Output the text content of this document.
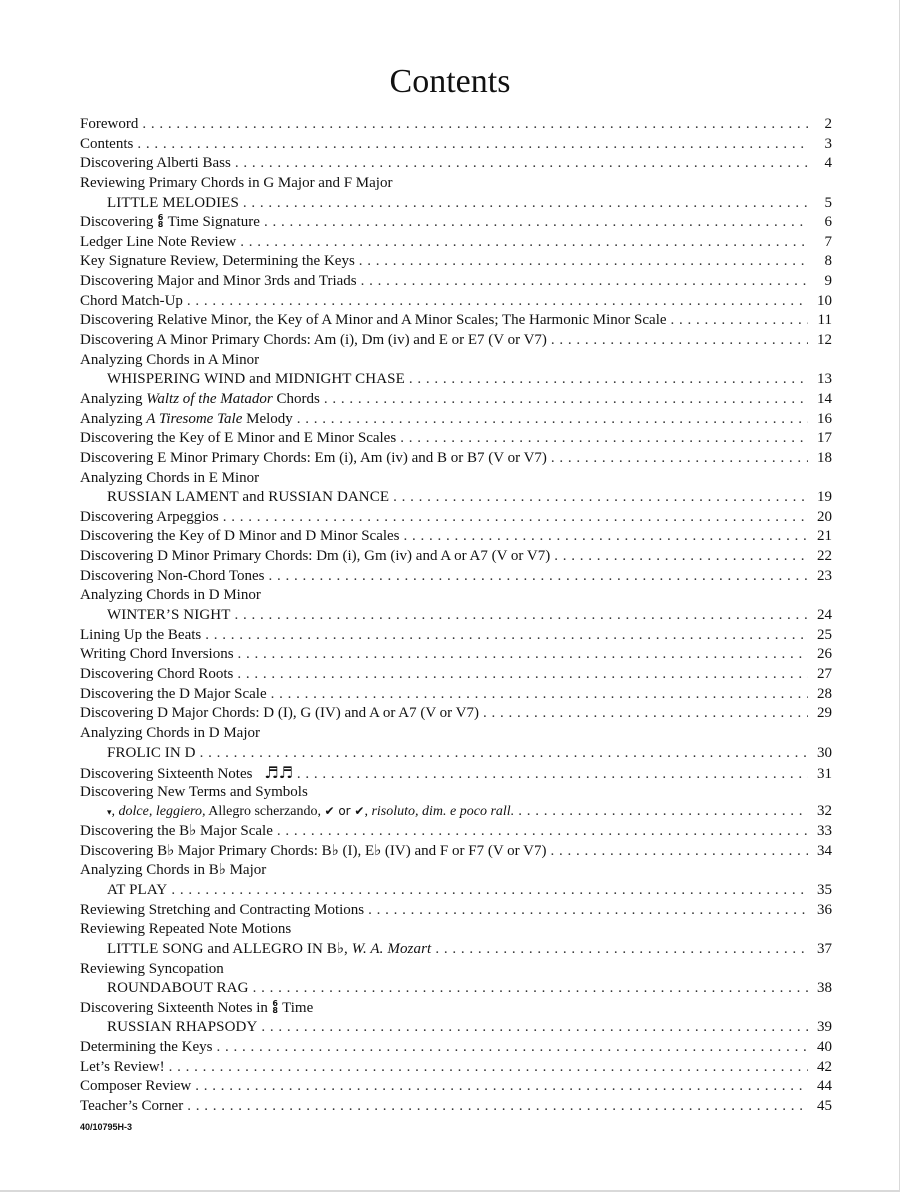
Contents
Foreword . . .	2
Contents . . .	3
Discovering Alberti Bass . . .	4
Reviewing Primary Chords in G Major and F Major
LITTLE MELODIES . . .	5
Discovering 6
8 Time Signature . . .	6
Ledger Line Note Review . . .	7
Key Signature Review, Determining the Keys . . .	8
Discovering Major and Minor 3rds and Triads . . .	9
Chord Match-Up . . .	10
Discovering Relative Minor, the Key of A Minor and A Minor Scales; The Harmonic Minor Scale . . .	11
Discovering A Minor Primary Chords: Am (i), Dm (iv) and E or E7 (V or V7) . . .	12
Analyzing Chords in A Minor
WHISPERING WIND and MIDNIGHT CHASE . . .	13
Analyzing Waltz of the Matador Chords . . .	14
Analyzing A Tiresome Tale Melody . . .	16
Discovering the Key of E Minor and E Minor Scales . . .	17
Discovering E Minor Primary Chords: Em (i), Am (iv) and B or B7 (V or V7) . . .	18
Analyzing Chords in E Minor
RUSSIAN LAMENT and RUSSIAN DANCE . . .	19
Discovering Arpeggios . . .	20
Discovering the Key of D Minor and D Minor Scales . . .	21
Discovering D Minor Primary Chords: Dm (i), Gm (iv) and A or A7 (V or V7) . . .	22
Discovering Non-Chord Tones . . .	23
Analyzing Chords in D Minor
WINTER’S NIGHT . . .	24
Lining Up the Beats . . .	25
Writing Chord Inversions . . .	26
Discovering Chord Roots . . .	27
Discovering the D Major Scale . . .	28
Discovering D Major Chords: D (I), G (IV) and A or A7 (V or V7) . . .	29
Analyzing Chords in D Major
FROLIC IN D . . .	30
Discovering Sixteenth Notes ♬♬ . . .	31
Discovering New Terms and Symbols
▾, dolce, leggiero, Allegro scherzando, ✔ or ✔, risoluto, dim. e poco rall. . . .	32
Discovering the B♭ Major Scale . . .	33
Discovering B♭ Major Primary Chords: B♭ (I), E♭ (IV) and F or F7 (V or V7) . . .	34
Analyzing Chords in B♭ Major
AT PLAY . . .	35
Reviewing Stretching and Contracting Motions . . .	36
Reviewing Repeated Note Motions
LITTLE SONG and ALLEGRO IN B♭, W. A. Mozart . . .	37
Reviewing Syncopation
ROUNDABOUT RAG . . .	38
Discovering Sixteenth Notes in 6
8 Time
RUSSIAN RHAPSODY . . .	39
Determining the Keys . . .	40
Let’s Review! . . .	42
Composer Review . . .	44
Teacher’s Corner . . .	45
40/10795H-3
